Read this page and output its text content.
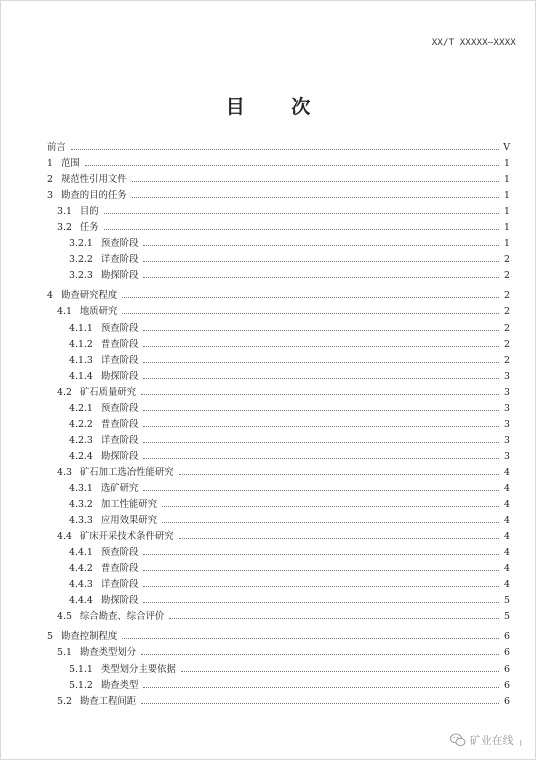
XX/T XXXXX—XXXX
目 次
前言	V
1 范围	1
2 规范性引用文件	1
3 勘查的目的任务	1
3.1 目的	1
3.2 任务	1
3.2.1 预查阶段	1
3.2.2 详查阶段	2
3.2.3 勘探阶段	2
4 勘查研究程度	2
4.1 地质研究	2
4.1.1 预查阶段	2
4.1.2 普查阶段	2
4.1.3 详查阶段	2
4.1.4 勘探阶段	3
4.2 矿石质量研究	3
4.2.1 预查阶段	3
4.2.2 普查阶段	3
4.2.3 详查阶段	3
4.2.4 勘探阶段	3
4.3 矿石加工选冶性能研究	4
4.3.1 选矿研究	4
4.3.2 加工性能研究	4
4.3.3 应用效果研究	4
4.4 矿床开采技术条件研究	4
4.4.1 预查阶段	4
4.4.2 普查阶段	4
4.4.3 详查阶段	4
4.4.4 勘探阶段	5
4.5 综合勘查、综合评价	5
5 勘查控制程度	6
5.1 勘查类型划分	6
5.1.1 类型划分主要依据	6
5.1.2 勘查类型	6
5.2 勘查工程间距	6
矿业在线 I
